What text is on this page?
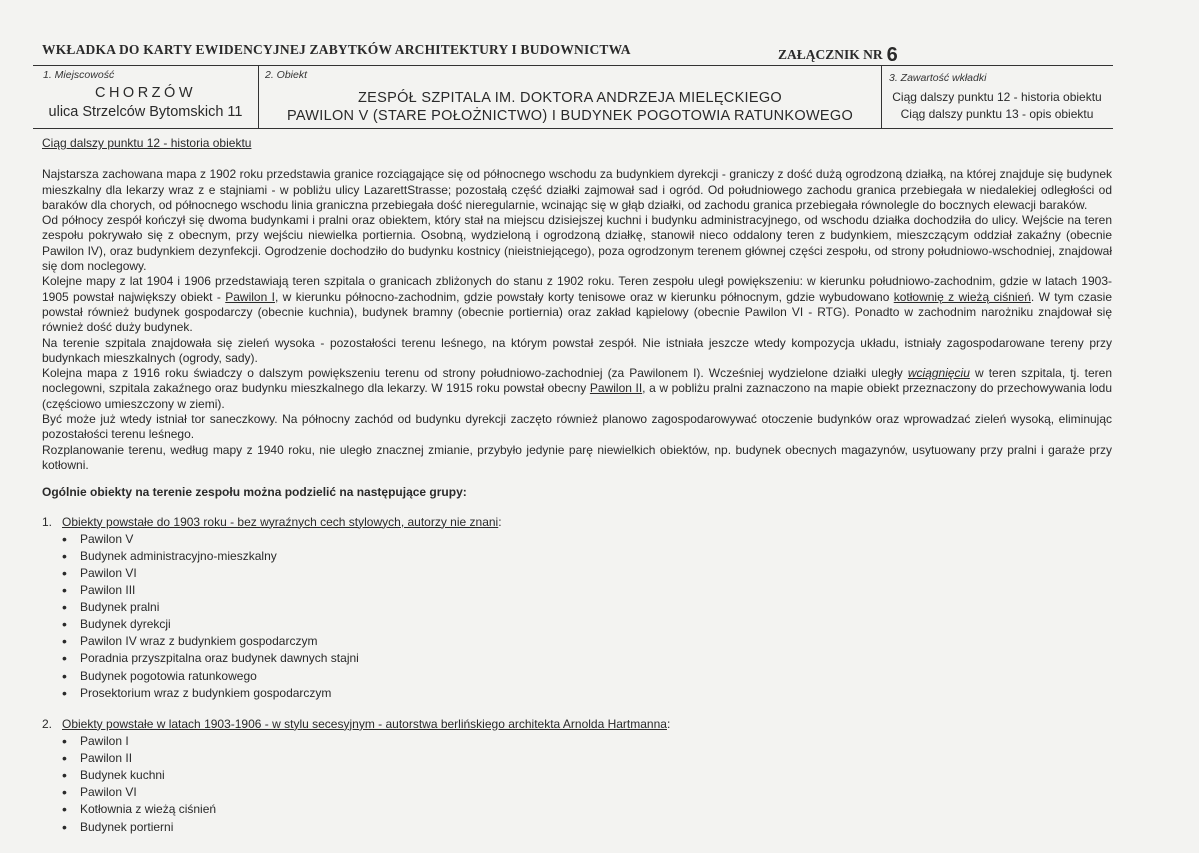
WKŁADKA DO KARTY EWIDENCYJNEJ ZABYTKÓW ARCHITEKTURY I BUDOWNICTWA	ZAŁĄCZNIK NR 6
1. Miejscowość
CHORZÓW
ulica Strzelców Bytomskich 11
2. Obiekt
ZESPÓŁ SZPITALA IM. DOKTORA ANDRZEJA MIELĘCKIEGO
PAWILON V (STARE POŁOŻNICTWO) I BUDYNEK POGOTOWIA RATUNKOWEGO
3. Zawartość wkładki
Ciąg dalszy punktu 12 - historia obiektu
Ciąg dalszy punktu 13 - opis obiektu
Ciąg dalszy punktu 12 - historia obiektu

Najstarsza zachowana mapa z 1902 roku przedstawia granice rozciągające się od północnego wschodu za budynkiem dyrekcji - graniczy z dość dużą ogrodzoną działką, na której znajduje się budynek mieszkalny dla lekarzy wraz z e stajniami - w pobliżu ulicy LazarettStrasse; pozostałą część działki zajmował sad i ogród. Od południowego zachodu granica przebiegała w niedalekiej odległości od baraków dla chorych, od północnego wschodu linia graniczna przebiegała dość nieregularnie, wcinając się w głąb działki, od zachodu granica przebiegała równolegle do bocznych elewacji baraków.

Od północy zespół kończył się dwoma budynkami i pralni oraz obiektem, który stał na miejscu dzisiejszej kuchni i budynku administracyjnego, od wschodu działka dochodziła do ulicy. Wejście na teren zespołu pokrywało się z obecnym, przy wejściu niewielka portiernia. Osobną, wydzieloną i ogrodzoną działkę, stanowił nieco oddalony teren z budynkiem, mieszczącym oddział zakaźny (obecnie Pawilon IV), oraz budynkiem dezynfekcji. Ogrodzenie dochodziło do budynku kostnicy (nieistniejącego), poza ogrodzonym terenem głównej części zespołu, od strony południowo-wschodniej, znajdował się dom noclegowy.

Kolejne mapy z lat 1904 i 1906 przedstawiają teren szpitala o granicach zbliżonych do stanu z 1902 roku. Teren zespołu uległ powiększeniu: w kierunku południowo-zachodnim, gdzie w latach 1903-1905 powstał największy obiekt - Pawilon I, w kierunku północno-zachodnim, gdzie powstały korty tenisowe oraz w kierunku północnym, gdzie wybudowano kotłownię z wieżą ciśnień. W tym czasie powstał również budynek gospodarczy (obecnie kuchnia), budynek bramny (obecnie portiernia) oraz zakład kąpielowy (obecnie Pawilon VI - RTG). Ponadto w zachodnim narożniku znajdował się również dość duży budynek.

Na terenie szpitala znajdowała się zieleń wysoka - pozostałości terenu leśnego, na którym powstał zespół. Nie istniała jeszcze wtedy kompozycja układu, istniały zagospodarowane tereny przy budynkach mieszkalnych (ogrody, sady).

Kolejna mapa z 1916 roku świadczy o dalszym powiększeniu terenu od strony południowo-zachodniej (za Pawilonem I). Wcześniej wydzielone działki uległy wciągnięciu w teren szpitala, tj. teren noclegowni, szpitala zakaźnego oraz budynku mieszkalnego dla lekarzy. W 1915 roku powstał obecny Pawilon II, a w pobliżu pralni zaznaczono na mapie obiekt przeznaczony do przechowywania lodu (częściowo umieszczony w ziemi).

Być może już wtedy istniał tor saneczkowy. Na północny zachód od budynku dyrekcji zaczęto również planowo zagospodarowywać otoczenie budynków oraz wprowadzać zieleń wysoką, eliminując pozostałości terenu leśnego.

Rozplanowanie terenu, według mapy z 1940 roku, nie uległo znacznej zmianie, przybyło jedynie parę niewielkich obiektów, np. budynek obecnych magazynów, usytuowany przy pralni i garaże przy kotłowni.

Ogólnie obiekty na terenie zespołu można podzielić na następujące grupy:
1. Obiekty powstałe do 1903 roku - bez wyraźnych cech stylowych, autorzy nie znani:
• Pawilon V
• Budynek administracyjno-mieszkalny
• Pawilon VI
• Pawilon III
• Budynek pralni
• Budynek dyrekcji
• Pawilon IV wraz z budynkiem gospodarczym
• Poradnia przyszpitalna oraz budynek dawnych stajni
• Budynek pogotowia ratunkowego
• Prosektorium wraz z budynkiem gospodarczym
2. Obiekty powstałe w latach 1903-1906 - w stylu secesyjnym - autorstwa berlińskiego architekta Arnolda Hartmanna:
• Pawilon I
• Pawilon II
• Budynek kuchni
• Pawilon VI
• Kotłownia z wieżą ciśnień
• Budynek portierni
